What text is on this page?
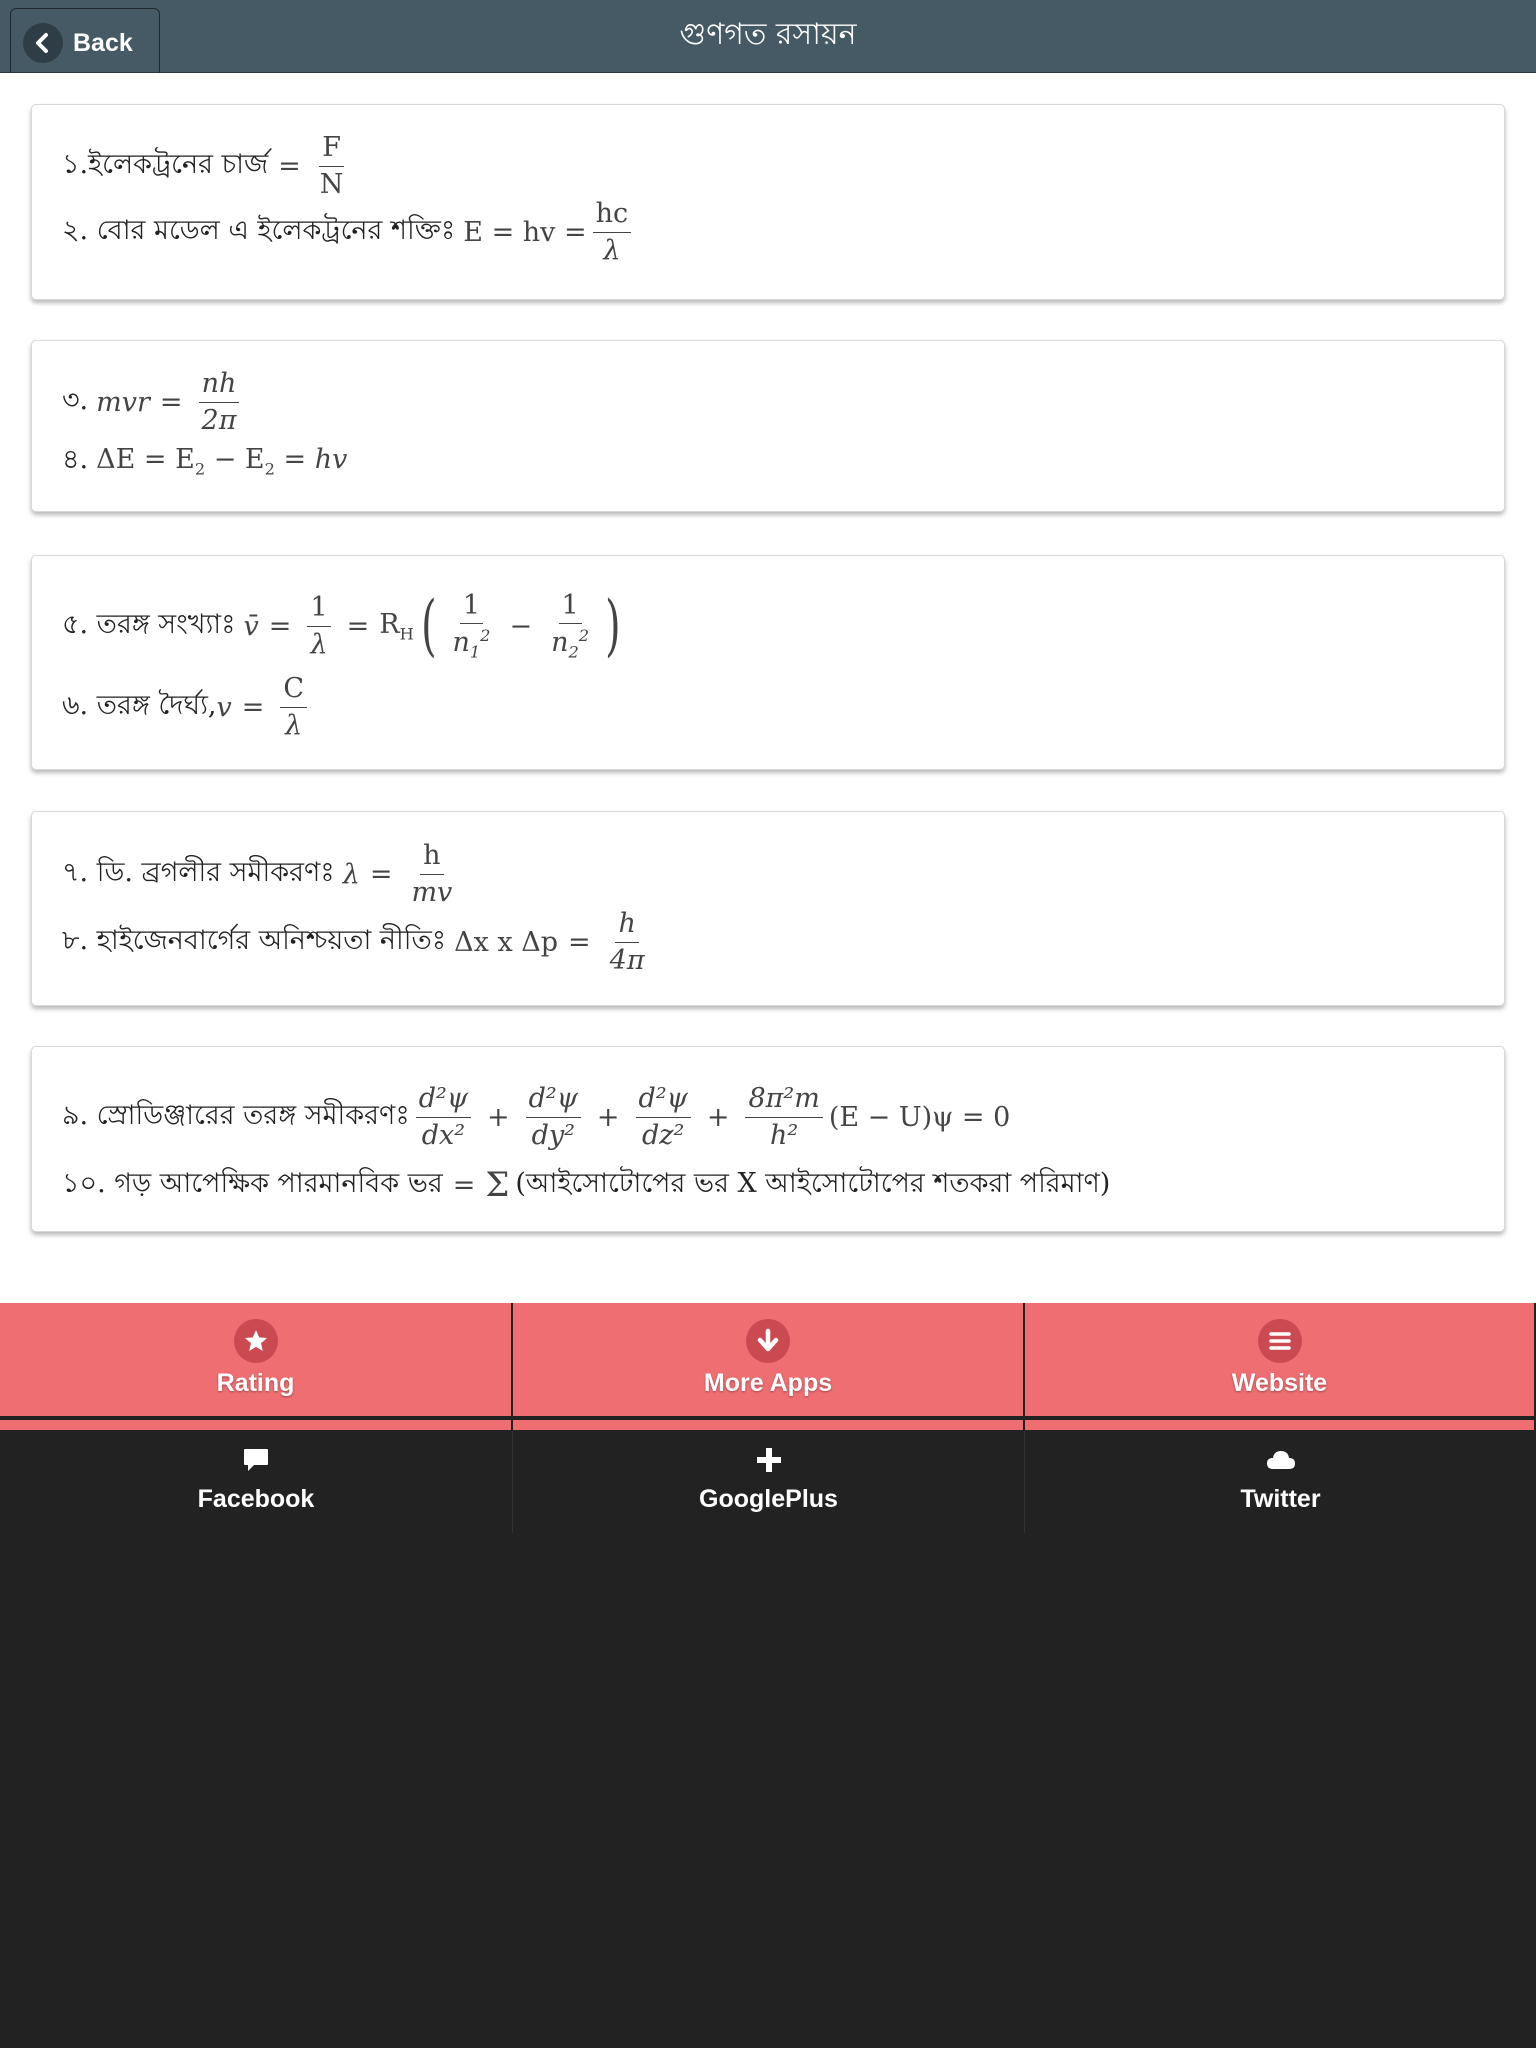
গুণগত রসায়ন
Back
১.ইলেকট্রনের চার্জ = $\frac{F}{N}$
২. বোর মডেল এ ইলেকট্রনের শক্তিঃ E = hv = $\frac{hc}{\lambda}$
৩. mvr = $\frac{nh}{2\pi}$
৪. $\Delta E = E_2 - E_2$ = hv
৫. তরঙ্গ সংখ্যাঃ v̄ = $\frac{1}{\lambda} = R_H$ ( $\frac{1}{n_1^2} - \frac{1}{n_2^2}$ )
৬. তরঙ্গ দৈর্ঘ্য, $v = \frac{C}{\lambda}$
৭. ডি. ব্রগলীর সমীকরণঃ $\lambda = \frac{h}{mv}$
৮. হাইজেনবার্গের অনিশ্চয়তা নীতিঃ Δx x $\Delta p = \frac{h}{4\pi}$
৯. স্রোডিঞ্জারের তরঙ্গ সমীকরণঃ $\frac{\text{d²ψ}}{\text{dx²}} + \frac{\text{d²ψ}}{\text{dy²}} + \frac{\text{d²ψ}}{\text{dz²}} + \frac{\text{8π²m}}{\text{h²}} (E - U)\psi = 0$
১০. গড় আপেক্ষিক পারমানবিক ভর = Σ (আইসোটোপের ভর X আইসোটোপের শতকরা পরিমাণ)
Rating	More Apps	Website
Facebook	GooglePlus	Twitter
